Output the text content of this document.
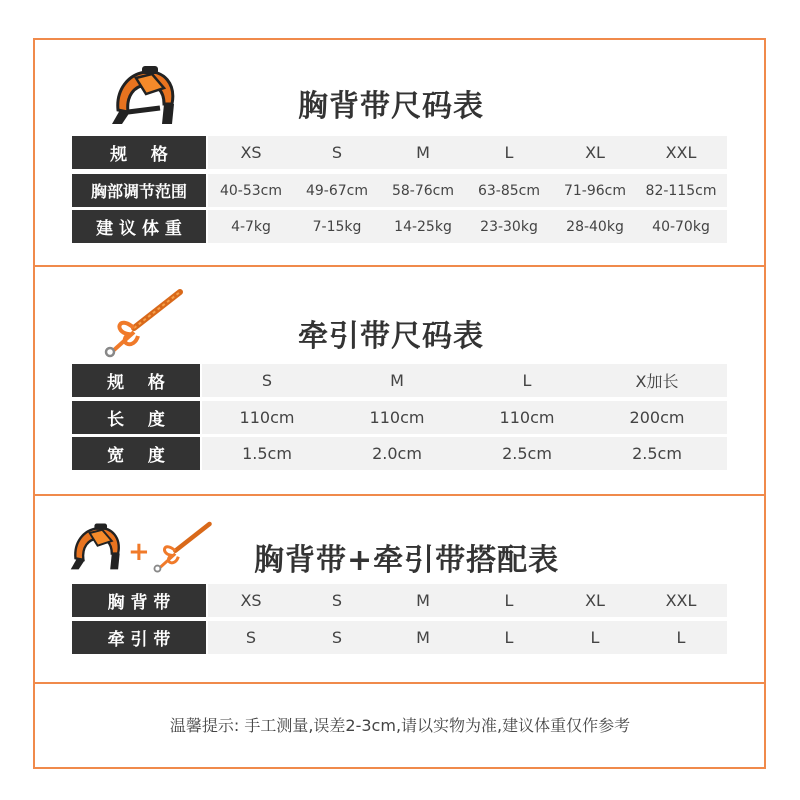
胸背带尺码表
规    格	XS	S	M	L	XL	XXL
胸部调节范围	40-53cm	49-67cm	58-76cm	63-85cm	71-96cm	82-115cm
建 议 体 重	4-7kg	7-15kg	14-25kg	23-30kg	28-40kg	40-70kg
牵引带尺码表
规    格	S	M	L	X加长
长    度	110cm	110cm	110cm	200cm
宽    度	1.5cm	2.0cm	2.5cm	2.5cm
+	胸背带+牵引带搭配表
胸 背 带	XS	S	M	L	XL	XXL
牵 引 带	S	S	M	L	L	L
温馨提示: 手工测量,误差2-3cm,请以实物为准,建议体重仅作参考
